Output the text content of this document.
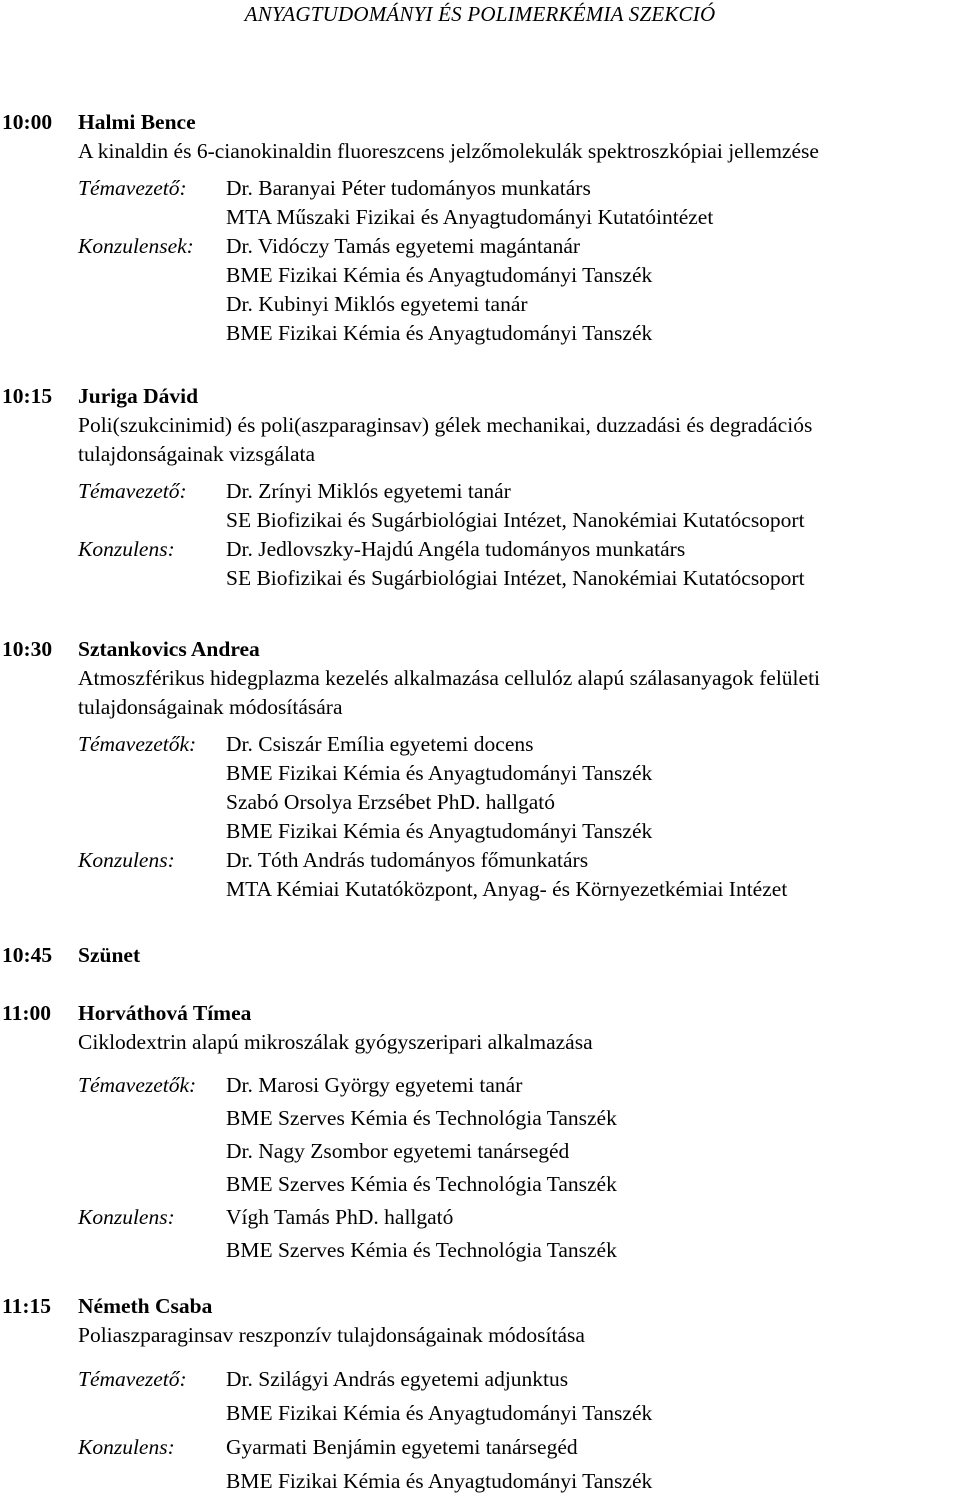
ANYAGTUDOMÁNYI ÉS POLIMERKÉMIA SZEKCIÓ
10:00 Halmi Bence
A kinaldin és 6-cianokinaldin fluoreszcens jelzőmolekulák spektroszkópiai jellemzése
Témavezető: Dr. Baranyai Péter tudományos munkatárs
MTA Műszaki Fizikai és Anyagtudományi Kutatóintézet
Konzulensek: Dr. Vidóczy Tamás egyetemi magántanár
BME Fizikai Kémia és Anyagtudományi Tanszék
Dr. Kubinyi Miklós egyetemi tanár
BME Fizikai Kémia és Anyagtudományi Tanszék
10:15 Juriga Dávid
Poli(szukcinimid) és poli(aszparaginsav) gélek mechanikai, duzzadási és degradációs tulajdonságainak vizsgálata
Témavezető: Dr. Zrínyi Miklós egyetemi tanár
SE Biofizikai és Sugárbiológiai Intézet, Nanokémiai Kutatócsoport
Konzulens: Dr. Jedlovszky-Hajdú Angéla tudományos munkatárs
SE Biofizikai és Sugárbiológiai Intézet, Nanokémiai Kutatócsoport
10:30 Sztankovics Andrea
Atmoszférikus hidegplazma kezelés alkalmazása cellulóz alapú szálasanyagok felületi tulajdonságainak módosítására
Témavezetők: Dr. Csiszár Emília egyetemi docens
BME Fizikai Kémia és Anyagtudományi Tanszék
Szabó Orsolya Erzsébet PhD. hallgató
BME Fizikai Kémia és Anyagtudományi Tanszék
Konzulens: Dr. Tóth András tudományos főmunkatárs
MTA Kémiai Kutatóközpont, Anyag- és Környezetkémiai Intézet
10:45 Szünet
11:00 Horváthová Tímea
Ciklodextrin alapú mikroszálak gyógyszeripari alkalmazása
Témavezetők: Dr. Marosi György egyetemi tanár
BME Szerves Kémia és Technológia Tanszék
Dr. Nagy Zsombor egyetemi tanársegéd
BME Szerves Kémia és Technológia Tanszék
Konzulens: Vígh Tamás PhD. hallgató
BME Szerves Kémia és Technológia Tanszék
11:15 Németh Csaba
Poliaszparaginsav reszponzív tulajdonságainak módosítása
Témavezető: Dr. Szilágyi András egyetemi adjunktus
BME Fizikai Kémia és Anyagtudományi Tanszék
Konzulens: Gyarmati Benjámin egyetemi tanársegéd
BME Fizikai Kémia és Anyagtudományi Tanszék
